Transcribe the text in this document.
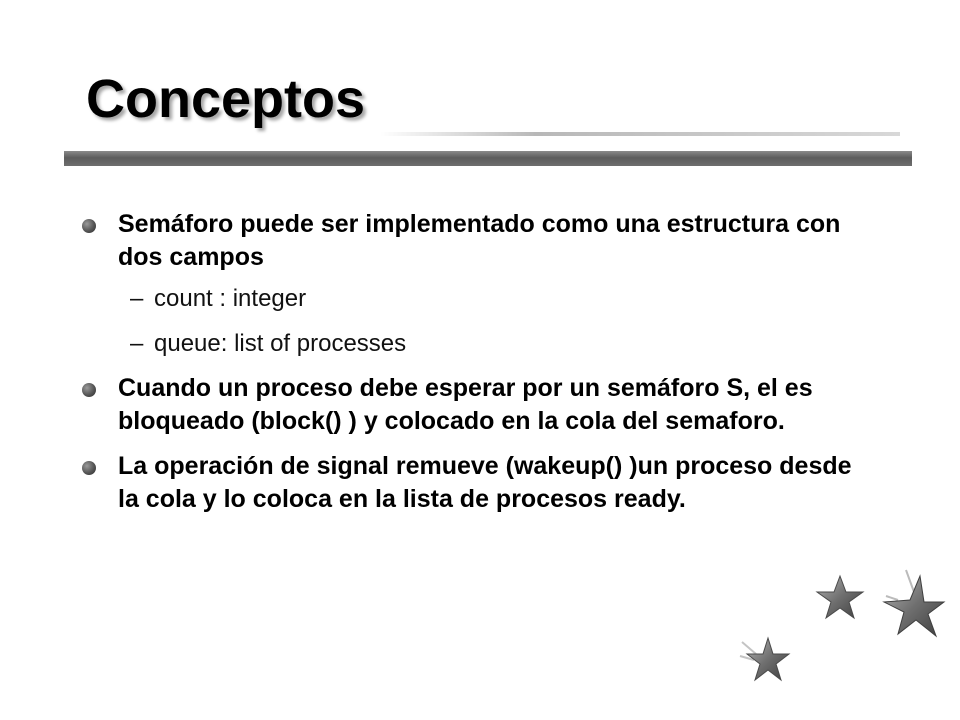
Conceptos
Semáforo puede ser implementado como una estructura con dos campos
– count : integer
– queue: list of processes
Cuando un proceso debe esperar por un semáforo S, el es bloqueado (block() ) y colocado en la cola del semaforo.
La operación de signal remueve (wakeup() )un proceso desde la cola y lo coloca en la lista de procesos ready.
